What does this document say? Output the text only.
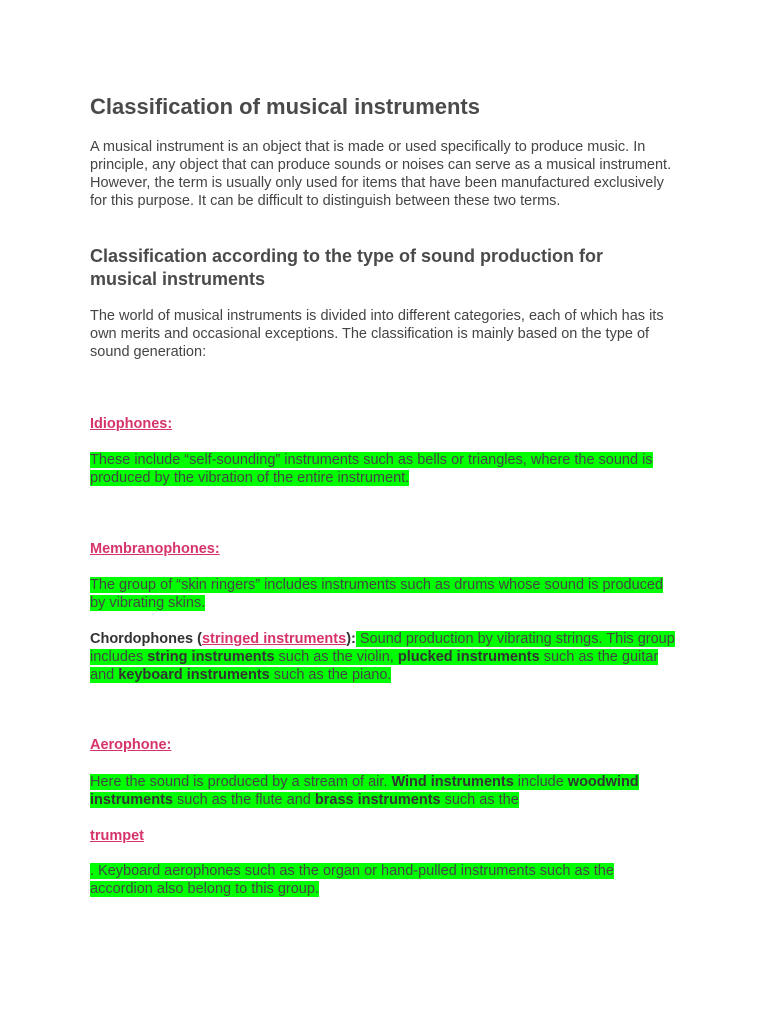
Classification of musical instruments

A musical instrument is an object that is made or used specifically to produce music. In principle, any object that can produce sounds or noises can serve as a musical instrument. However, the term is usually only used for items that have been manufactured exclusively for this purpose. It can be difficult to distinguish between these two terms.

Classification according to the type of sound production for musical instruments

The world of musical instruments is divided into different categories, each of which has its own merits and occasional exceptions. The classification is mainly based on the type of sound generation:

Idiophones:
These include “self-sounding” instruments such as bells or triangles, where the sound is produced by the vibration of the entire instrument.
Membranophones:
The group of “skin ringers” includes instruments such as drums whose sound is produced by vibrating skins.
Chordophones (stringed instruments): Sound production by vibrating strings. This group includes string instruments such as the violin, plucked instruments such as the guitar and keyboard instruments such as the piano.
Aerophone:
Here the sound is produced by a stream of air. Wind instruments include woodwind instruments such as the flute and brass instruments such as the
trumpet
. Keyboard aerophones such as the organ or hand-pulled instruments such as the accordion also belong to this group.
